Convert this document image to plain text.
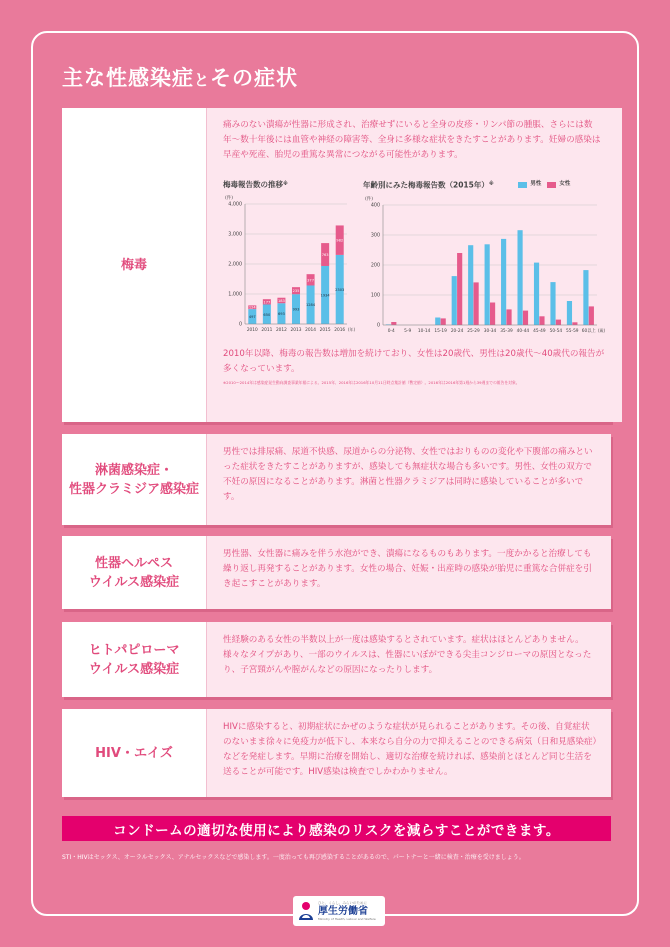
主な性感染症とその症状
梅毒
痛みのない潰瘍が性器に形成され、治療せずにいると全身の皮疹・リンパ節の腫脹、さらには数年〜数十年後には血管や神経の障害等、全身に多様な症状をきたすことがあります。妊婦の感染は早産や死産、胎児の重篤な異常につながる可能性があります。
梅毒報告数の推移※
(件)
0
1,000
2,000
3,000
4,000
2010
497
124
2011
650
177
2012
693
183
2013
993
235
2014
1284
377
2015
1934
763
2016
2303
982
(年)
年齢別にみた梅毒報告数（2015年）※	男性	女性
(件)
0
100
200
300
400
0-4 5-9 10-14 15-19 20-24 25-29 30-34 35-39 40-44 45-49 50-54 55-59 60以上 (歳)
2010年以降、梅毒の報告数は増加を続けており、女性は20歳代、男性は20歳代〜40歳代の報告が多くなっています。
※2010〜2014年は感染症発生動向調査事業年報による。2015年、2016年は2016年10月11日時点集計値（暫定値）。2016年は2016年第1週から39週までの報告を対象。
淋菌感染症・
性器クラミジア感染症
男性では排尿痛、尿道不快感、尿道からの分泌物、女性ではおりものの変化や下腹部の痛みといった症状をきたすことがありますが、感染しても無症状な場合も多いです。男性、女性の双方で不妊の原因になることがあります。淋菌と性器クラミジアは同時に感染していることが多いです。
性器ヘルペス
ウイルス感染症
男性器、女性器に痛みを伴う水泡ができ、潰瘍になるものもあります。一度かかると治療しても繰り返し再発することがあります。女性の場合、妊娠・出産時の感染が胎児に重篤な合併症を引き起こすことがあります。
ヒトパピローマ
ウイルス感染症
性経験のある女性の半数以上が一度は感染するとされています。症状はほとんどありません。様々なタイプがあり、一部のウイルスは、性器にいぼができる尖圭コンジローマの原因となったり、子宮頸がんや膣がんなどの原因になったりします。
HIV・エイズ
HIVに感染すると、初期症状にかぜのような症状が見られることがあります。その後、自覚症状のないまま徐々に免疫力が低下し、本来なら自分の力で抑えることのできる病気（日和見感染症）などを発症します。早期に治療を開始し、適切な治療を続ければ、感染前とほとんど同じ生活を送ることが可能です。HIV感染は検査でしかわかりません。
コンドームの適切な使用により感染のリスクを減らすことができます。
STI・HIVはセックス、オーラルセックス、アナルセックスなどで感染します。一度治っても再び感染することがあるので、パートナーと一緒に検査・治療を受けましょう。
ひと、くらし、みらいのために
厚生労働省
Ministry of Health, Labour and Welfare
